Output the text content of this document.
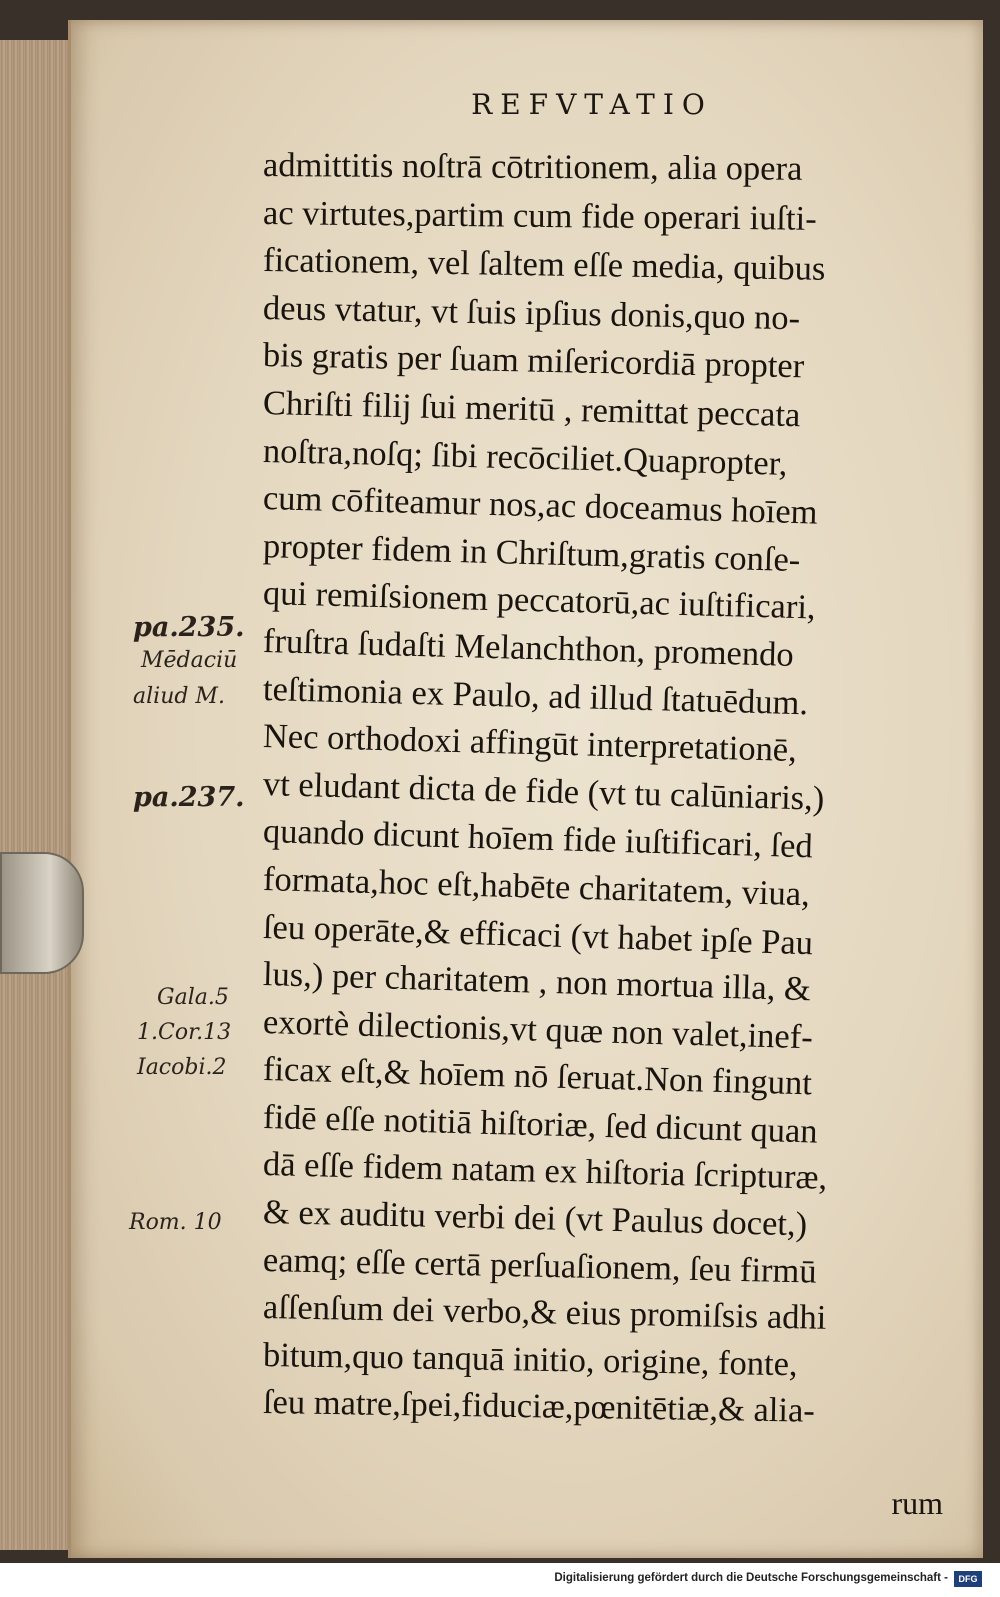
REFVTATIO
admittitis noſtrā cōtritionem, alia opera
ac virtutes,partim cum fide operari iuſti-
ficationem, vel ſaltem eſſe media, quibus
deus vtatur, vt ſuis ipſius donis,quo no-
bis gratis per ſuam miſericordiā propter
Chriſti filij ſui meritū , remittat peccata
noſtra,noſq; ſibi recōciliet.Quapropter,
cum cōfiteamur nos,ac doceamus hoīem
propter fidem in Chriſtum,gratis conſe-
qui remiſsionem peccatorū,ac iuſtificari,
fruſtra ſudaſti Melanchthon, promendo
teſtimonia ex Paulo, ad illud ſtatuēdum.
Nec orthodoxi affingūt interpretationē,
vt eludant dicta de fide (vt tu calūniaris,)
quando dicunt hoīem fide iuſtificari, ſed
formata,hoc eſt,habēte charitatem, viua,
ſeu operāte,& efficaci (vt habet ipſe Pau
lus,) per charitatem , non mortua illa, &
exortè dilectionis,vt quæ non valet,inef-
ficax eſt,& hoīem nō ſeruat.Non fingunt
fidē eſſe notitiā hiſtoriæ, ſed dicunt quan
dā eſſe fidem natam ex hiſtoria ſcripturæ,
& ex auditu verbi dei (vt Paulus docet,)
eamq; eſſe certā perſuaſionem, ſeu firmū
aſſenſum dei verbo,& eius promiſsis adhi
bitum,quo tanquā initio, origine, fonte,
ſeu matre,ſpei,fiduciæ,pœnitētiæ,& alia-
pa.235.
Mēdaciū
aliud M.
pa.237.
Gala.5
1.Cor.13
Iacobi.2
Rom. 10
rum
Digitalisierung gefördert durch die Deutsche Forschungsgemeinschaft -	DFG
